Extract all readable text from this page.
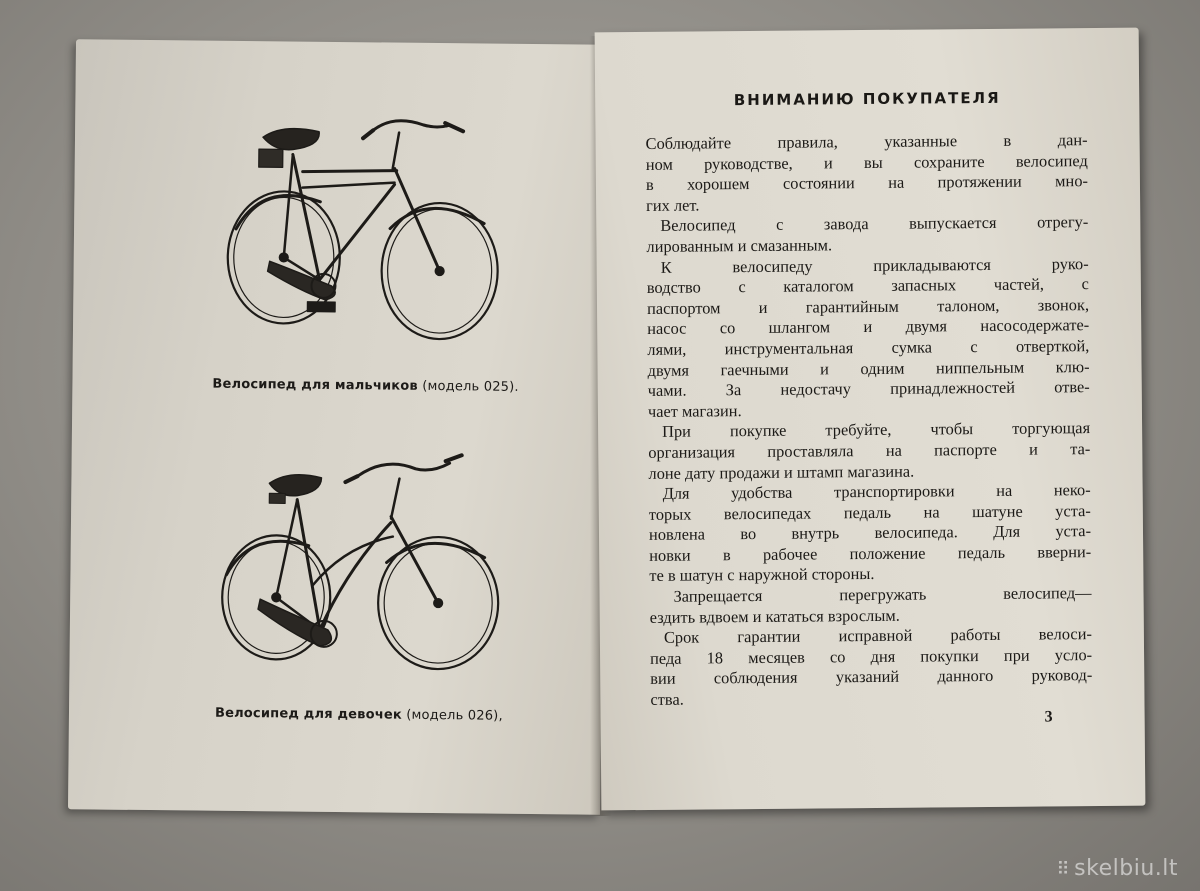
Велосипед для мальчиков (модель 025).
Велосипед для девочек (модель 026),
ВНИМАНИЮ ПОКУПАТЕЛЯ
Соблюдайте правила, указанные в дан-
ном руководстве, и вы сохраните велосипед
в хорошем состоянии на протяжении мно-
гих лет.
Велосипед с завода выпускается отрегу-
лированным и смазанным.
К велосипеду прикладываются руко-
водство с каталогом запасных частей, с
паспортом и гарантийным талоном, звонок,
насос со шлангом и двумя насосодержате-
лями, инструментальная сумка с отверткой,
двумя гаечными и одним ниппельным клю-
чами. За недостачу принадлежностей отве-
чает магазин.
При покупке требуйте, чтобы торгующая
организация проставляла на паспорте и та-
лоне дату продажи и штамп магазина.
Для удобства транспортировки на неко-
торых велосипедах педаль на шатуне уста-
новлена во внутрь велосипеда. Для уста-
новки в рабочее положение педаль вверни-
те в шатун с наружной стороны.
Запрещается перегружать велосипед—
ездить вдвоем и кататься взрослым.
Срок гарантии исправной работы велоси-
педа 18 месяцев со дня покупки при усло-
вии соблюдения указаний данного руковод-
ства.
3
⠿ skelbiu.lt
